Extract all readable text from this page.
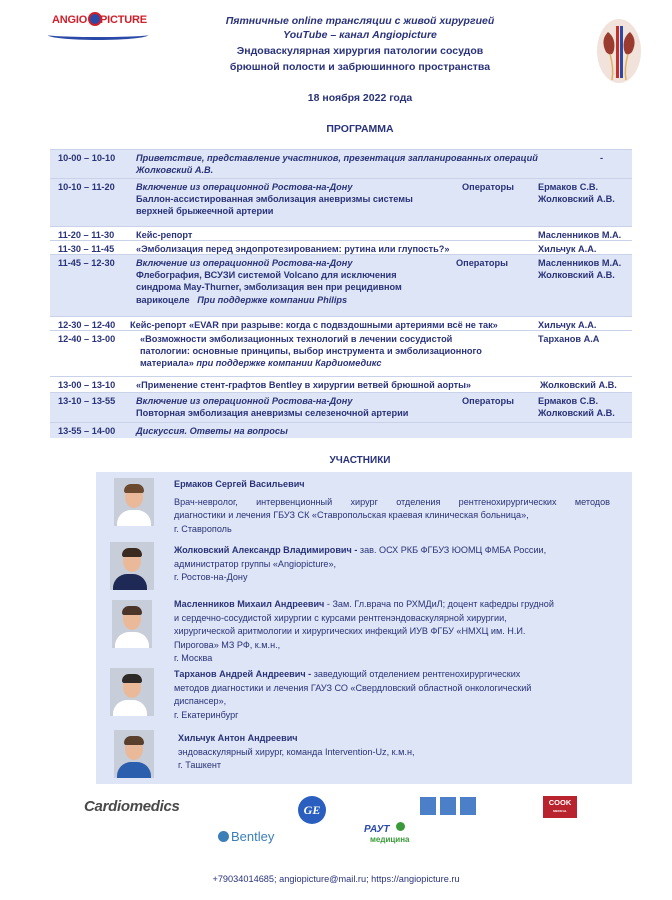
ANGIO PICTURE	Пятничные online трансляции с живой хирургией
YouTube – канал Angiopicture
Эндоваскулярная хирургия патологии сосудов
брюшной полости и забрюшинного пространства
18 ноября 2022 года
ПРОГРАММА
10-00 – 10-10	Приветствие, представление участников, презентация запланированных операций
Жолковский А.В.
-
10-10 – 11-20	Включение из операционной Ростова-на-Дону
Баллон-ассистированная эмболизация аневризмы системы
верхней брыжеечной артерии
Операторы	Ермаков С.В.
Жолковский А.В.
11-20 – 11-30	Кейс-репорт	Масленников М.А.
11-30 – 11-45	«Эмболизация перед эндопротезированием: рутина или глупость?»	Хильчук А.А.
11-45 – 12-30	Включение из операционной Ростова-на-Дону
Флебография, ВСУЗИ системой Volcano для исключения
синдрома May-Thurner, эмболизация вен при рецидивном
варикоцеле При поддержке компании Philips
Операторы	Масленников М.А.
Жолковский А.В.
12-30 – 12-40	Кейс-репорт «EVAR при разрыве: когда с подвздошными артериями всё не так»	Хильчук А.А.
12-40 – 13-00	«Возможности эмболизационных технологий в лечении сосудистой
патологии: основные принципы, выбор инструмента и эмболизационного
материала» при поддержке компании Кардиомедикс
Тарханов А.А
13-00 – 13-10	«Применение стент-графтов Bentley в хирургии ветвей брюшной аорты»	Жолковский А.В.
13-10 – 13-55	Включение из операционной Ростова-на-Дону
Повторная эмболизация аневризмы селезеночной артерии
Операторы	Ермаков С.В.
Жолковский А.В.
13-55 – 14-00	Дискуссия. Ответы на вопросы
УЧАСТНИКИ
Ермаков Сергей Васильевич
Врач-невролог, интервенционный хирург отделения рентгенохирургических методов
диагностики и лечения ГБУЗ СК «Ставропольская краевая клиническая больница»,
г. Ставрополь
Жолковский Александр Владимирович - зав. ОСХ РКБ ФГБУЗ ЮОМЦ ФМБА России,
администратор группы «Angiopicture»,
г. Ростов-на-Дону
Масленников Михаил Андреевич - Зам. Гл.врача по РХМДиЛ; доцент кафедры грудной
и сердечно-сосудистой хирургии с курсами рентгенэндоваскулярной хирургии,
хирургической аритмологии и хирургических инфекций ИУВ ФГБУ «НМХЦ им. Н.И.
Пирогова» МЗ РФ, к.м.н.,
г. Москва
Тарханов Андрей Андреевич - заведующий отделением рентгенохирургических
методов диагностики и лечения ГАУЗ СО «Свердловский областной онкологический
диспансер»,
г. Екатеринбург
Хильчук Антон Андреевич
эндоваскулярный хирург, команда Intervention-Uz, к.м.н,
г. Ташкент
Cardiomedics	GE
COOK
MEDICAL
Bentley	РАУТ
медицина
+79034014685; angiopicture@mail.ru; https://angiopicture.ru
